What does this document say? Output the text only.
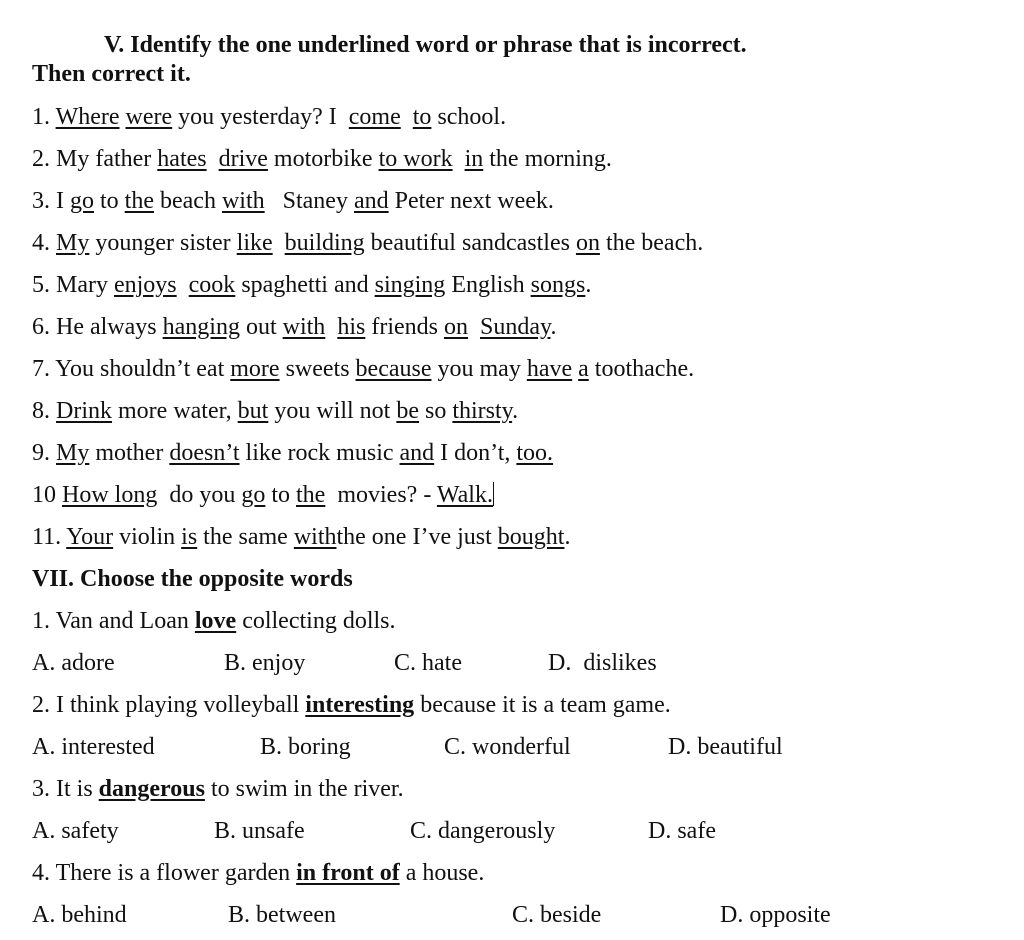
V. Identify the one underlined word or phrase that is incorrect.
Then correct it.
1. Where were you yesterday? I come to school.
2. My father hates drive motorbike to work in the morning.
3. I go to the beach with Staney and Peter next week.
4. My younger sister like building beautiful sandcastles on the beach.
5. Mary enjoys cook spaghetti and singing English songs.
6. He always hanging out with his friends on Sunday.
7. You shouldn’t eat more sweets because you may have a toothache.
8. Drink more water, but you will not be so thirsty.
9. My mother doesn’t like rock music and I don’t, too.
10 How long do you go to the movies? - Walk.
11. Your violin is the same withthe one I’ve just bought.
VII. Choose the opposite words
1. Van and Loan love collecting dolls.
A. adore	B. enjoy	C. hate	D.  dislikes
2. I think playing volleyball interesting because it is a team game.
A. interested	B. boring	C. wonderful	D. beautiful
3. It is dangerous to swim in the river.
A. safety	B. unsafe	C. dangerously	D. safe
4. There is a flower garden in front of a house.
A. behind	B. between	C. beside	D. opposite
